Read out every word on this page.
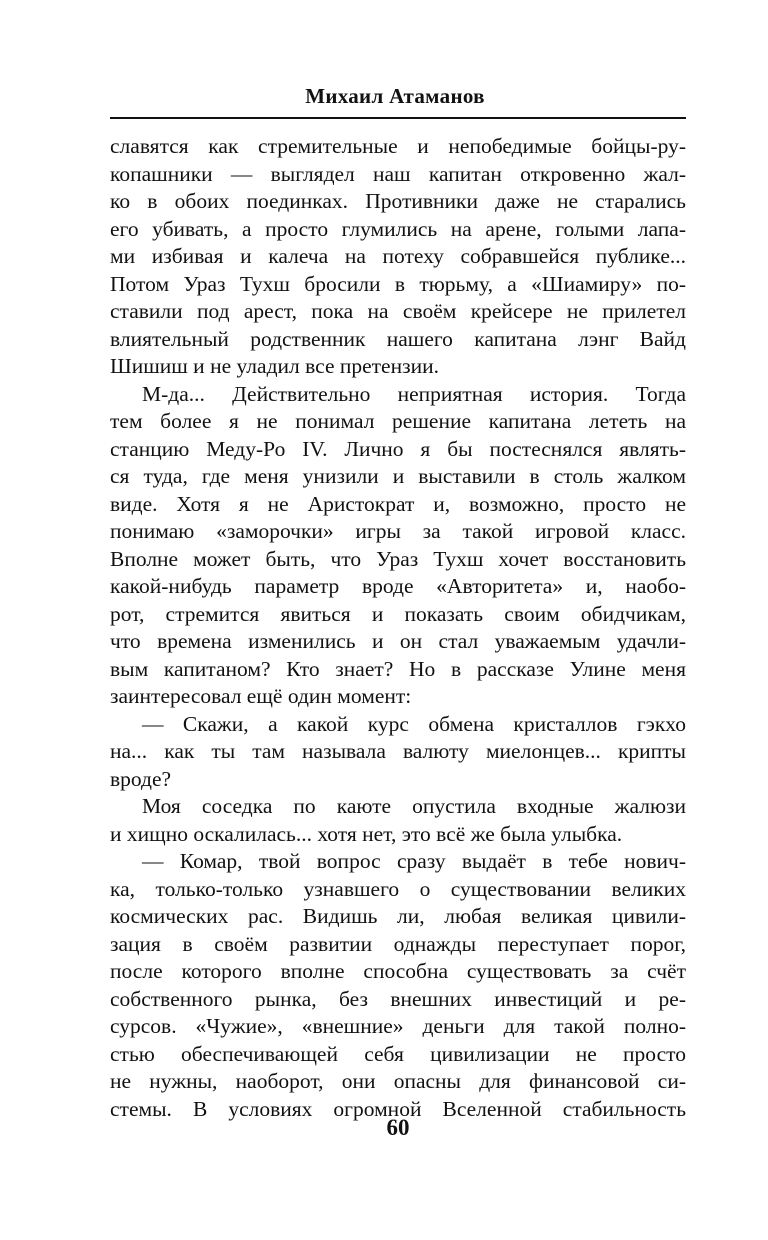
Михаил Атаманов
славятся как стремительные и непобедимые бойцы-ру-
копашники — выглядел наш капитан откровенно жал-
ко в обоих поединках. Противники даже не старались
его убивать, а просто глумились на арене, голыми лапа-
ми избивая и калеча на потеху собравшейся публике...
Потом Ураз Тухш бросили в тюрьму, а «Шиамиру» по-
ставили под арест, пока на своём крейсере не прилетел
влиятельный родственник нашего капитана лэнг Вайд
Шишиш и не уладил все претензии.
М-да... Действительно неприятная история. Тогда
тем более я не понимал решение капитана лететь на
станцию Меду-Ро IV. Лично я бы постеснялся являть-
ся туда, где меня унизили и выставили в столь жалком
виде. Хотя я не Аристократ и, возможно, просто не
понимаю «заморочки» игры за такой игровой класс.
Вполне может быть, что Ураз Тухш хочет восстановить
какой-нибудь параметр вроде «Авторитета» и, наобо-
рот, стремится явиться и показать своим обидчикам,
что времена изменились и он стал уважаемым удачли-
вым капитаном? Кто знает? Но в рассказе Улине меня
заинтересовал ещё один момент:
— Скажи, а какой курс обмена кристаллов гэкхо
на... как ты там называла валюту миелонцев... крипты
вроде?
Моя соседка по каюте опустила входные жалюзи
и хищно оскалилась... хотя нет, это всё же была улыбка.
— Комар, твой вопрос сразу выдаёт в тебе нович-
ка, только-только узнавшего о существовании великих
космических рас. Видишь ли, любая великая цивили-
зация в своём развитии однажды переступает порог,
после которого вполне способна существовать за счёт
собственного рынка, без внешних инвестиций и ре-
сурсов. «Чужие», «внешние» деньги для такой полно-
стью обеспечивающей себя цивилизации не просто
не нужны, наоборот, они опасны для финансовой си-
стемы. В условиях огромной Вселенной стабильность
60
